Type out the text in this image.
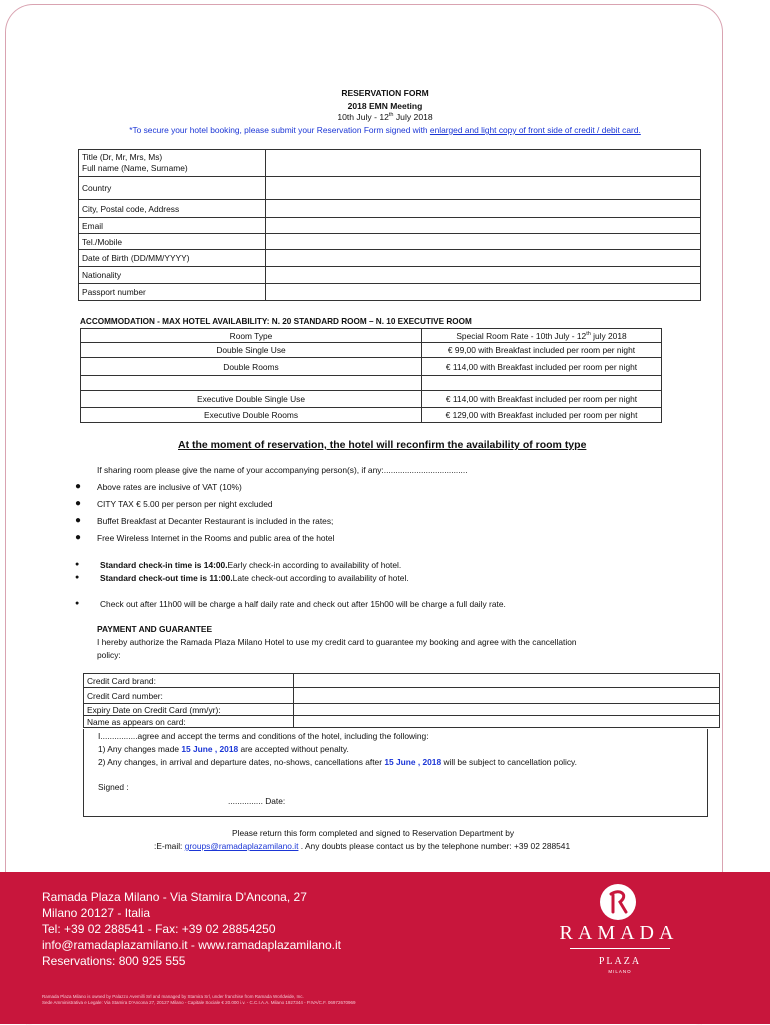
RESERVATION FORM
2018 EMN Meeting
10th July - 12th July 2018
*To secure your hotel booking, please submit your Reservation Form signed with enlarged and light copy of front side of credit / debit card.
Title (Dr, Mr, Mrs, Ms)
Full name (Name, Surname)	
Country	
City, Postal code, Address	
Email	
Tel./Mobile	
Date of Birth (DD/MM/YYYY)	
Nationality	
Passport number	
ACCOMMODATION - MAX HOTEL AVAILABILITY: N. 20 STANDARD ROOM – N. 10 EXECUTIVE ROOM
Room Type	Special Room Rate - 10th July - 12th july 2018
Double Single Use	€ 99,00 with Breakfast included per room per night
Double Rooms	€ 114,00 with Breakfast included per room per night

Executive Double Single Use	€ 114,00 with Breakfast included per room per night
Executive Double Rooms	€ 129,00 with Breakfast included per room per night
At the moment of reservation, the hotel will reconfirm the availability of room type
If sharing room please give the name of your accompanying person(s), if any:....................................
● Above rates are inclusive of VAT (10%)
● CITY TAX € 5.00 per person per night excluded
● Buffet Breakfast at Decanter Restaurant is included in the rates;
● Free Wireless Internet in the Rooms and public area of the hotel
● Standard check-in time is 14:00.Early check-in according to availability of hotel.
● Standard check-out time is 11:00.Late check-out according to availability of hotel.
● Check out after 11h00 will be charge a half daily rate and check out after 15h00 will be charge a full daily rate.
PAYMENT AND GUARANTEE
I hereby authorize the Ramada Plaza Milano Hotel to use my credit card to guarantee my booking and agree with the cancellation
policy:
Credit Card brand:	
Credit Card number:	
Expiry Date on Credit Card (mm/yr):	
Name as appears on card:	
I................agree and accept the terms and conditions of the hotel, including the following:
1) Any changes made 15 June , 2018 are accepted without penalty.
2) Any changes, in arrival and departure dates, no-shows, cancellations after 15 June , 2018 will be subject to cancellation policy.
Signed :
............... Date:
Please return this form completed and signed to Reservation Department by
:E-mail: groups@ramadaplazamilano.it . Any doubts please contact us by the telephone number: +39 02 288541
Ramada Plaza Milano - Via Stamira D'Ancona, 27
Milano 20127 - Italia
Tel: +39 02 288541 - Fax: +39 02 28854250
info@ramadaplazamilano.it - www.ramadaplazamilano.it
Reservations: 800 925 555
Ramada Plaza Milano is owned by Palazzo Avemilli Srl and managed by Stamira Srl, under franchise from Ramada Worldwide, Inc.
Sede Amministrativa e Legale: Via Stamira D'Ancona 27, 20127 Milano - Capitale Sociale € 20.000 i.v. - C.C.I.A.A. Milano 1927344 - P.IVA/C.F. 06972670969
RAMADA
PLAZA
MILANO
